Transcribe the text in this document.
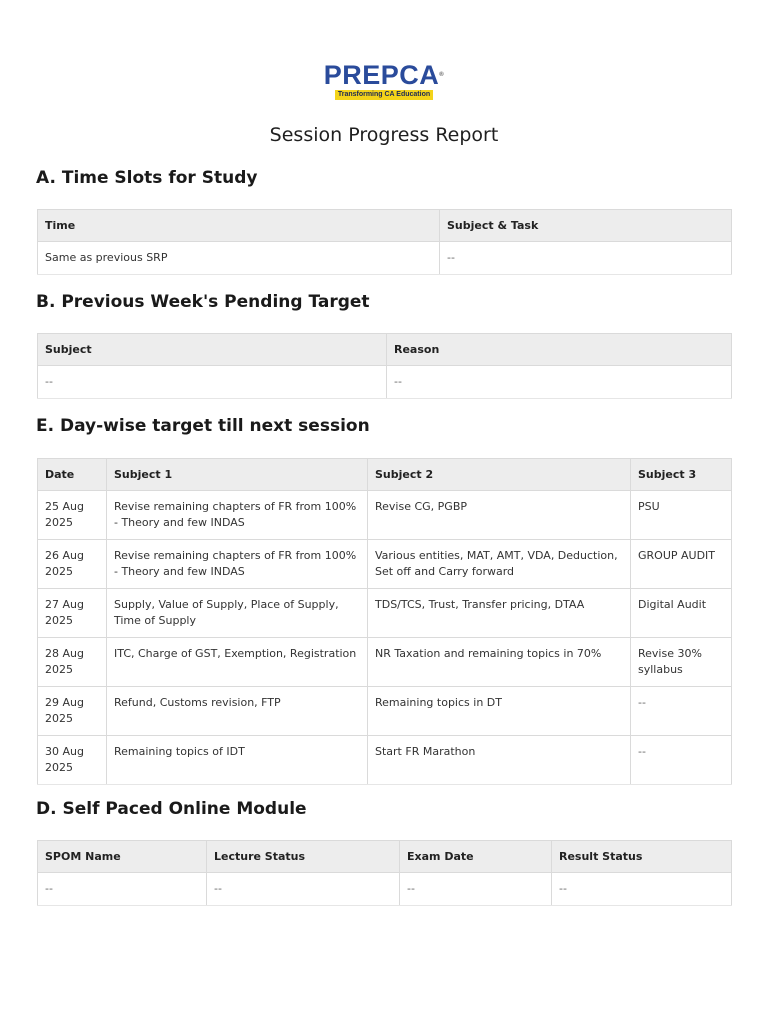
PREPCA®
Transforming CA Education
Session Progress Report
A. Time Slots for Study
Time	Subject & Task
Same as previous SRP	--
B. Previous Week's Pending Target
Subject	Reason
--	--
E. Day-wise target till next session
Date	Subject 1	Subject 2	Subject 3
25 Aug 2025	Revise remaining chapters of FR from 100% - Theory and few INDAS	Revise CG, PGBP	PSU
26 Aug 2025	Revise remaining chapters of FR from 100% - Theory and few INDAS	Various entities, MAT, AMT, VDA, Deduction, Set off and Carry forward	GROUP AUDIT
27 Aug 2025	Supply, Value of Supply, Place of Supply, Time of Supply	TDS/TCS, Trust, Transfer pricing, DTAA	Digital Audit
28 Aug 2025	ITC, Charge of GST, Exemption, Registration	NR Taxation and remaining topics in 70%	Revise 30% syllabus
29 Aug 2025	Refund, Customs revision, FTP	Remaining topics in DT	--
30 Aug 2025	Remaining topics of IDT	Start FR Marathon	--
D. Self Paced Online Module
SPOM Name	Lecture Status	Exam Date	Result Status
--	--	--	--
